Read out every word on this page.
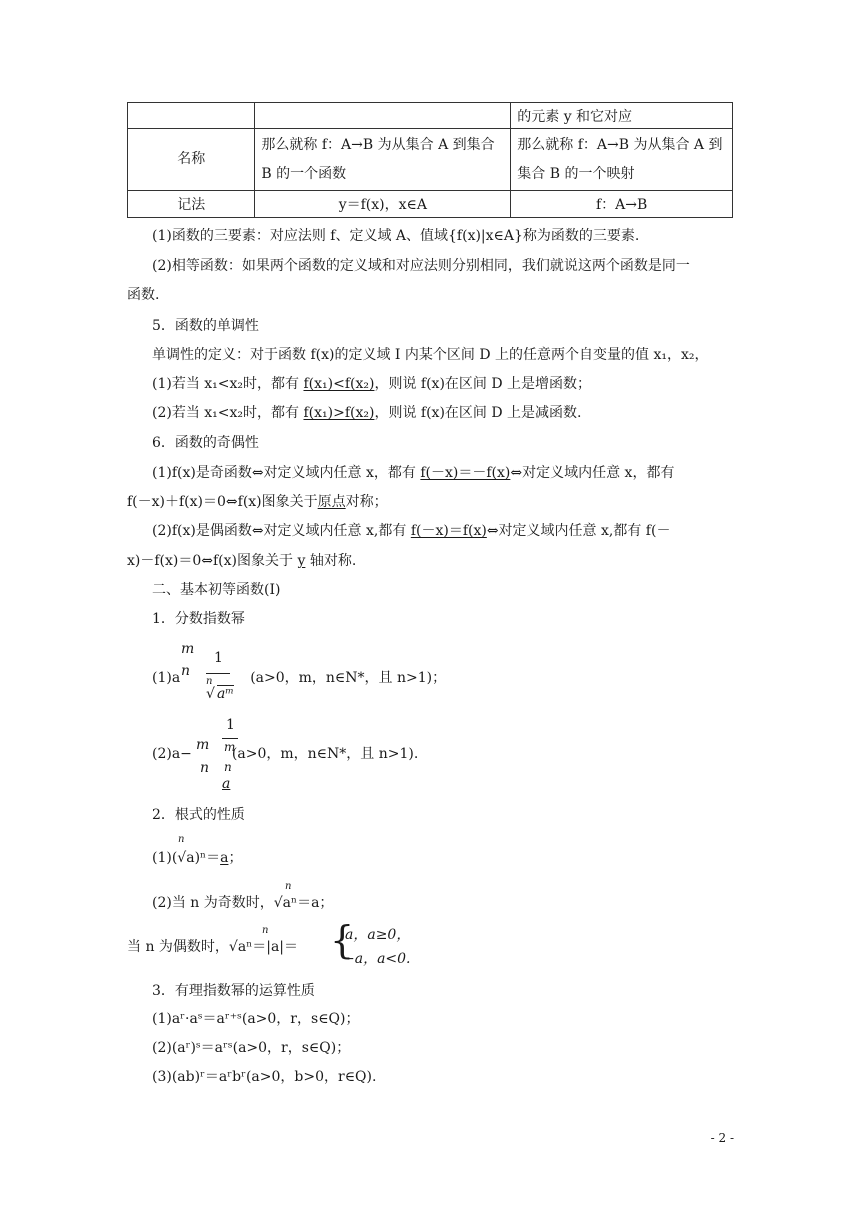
		的元素 y 和它对应
名称	那么就称 f：A→B 为从集合 A 到集合 B 的一个函数	那么就称 f：A→B 为从集合 A 到集合 B 的一个映射
记法	y＝f(x)，x∈A	f：A→B
(1)函数的三要素：对应法则 f、定义域 A、值域{f(x)|x∈A}称为函数的三要素.
(2)相等函数：如果两个函数的定义域和对应法则分别相同，我们就说这两个函数是同一
函数.
5．函数的单调性
单调性的定义：对于函数 f(x)的定义域 I 内某个区间 D 上的任意两个自变量的值 x₁，x₂，
(1)若当 x₁<x₂时，都有 f(x₁)<f(x₂)，则说 f(x)在区间 D 上是增函数；
(2)若当 x₁<x₂时，都有 f(x₁)>f(x₂)，则说 f(x)在区间 D 上是减函数.
6．函数的奇偶性
(1)f(x)是奇函数⇔对定义域内任意 x，都有 f(－x)＝－f(x)⇔对定义域内任意 x，都有
f(－x)＋f(x)＝0⇔f(x)图象关于原点对称；
(2)f(x)是偶函数⇔对定义域内任意 x,都有 f(－x)＝f(x)⇔对定义域内任意 x,都有 f(－
x)－f(x)＝0⇔f(x)图象关于 y 轴对称.
二、基本初等函数(Ⅰ)
1．分数指数幂
m
n
(1)a	(a>0，m，n∈N*，且 n>1)；
1
n
√ aᵐ
m
n
(2)a−	(a>0，m，n∈N*，且 n>1).
1
m
n
a
2．根式的性质
n
(1)(√a)ⁿ＝a；
n
(2)当 n 为奇数时，√aⁿ＝a；
n
当 n 为偶数时，√aⁿ＝|a|＝ {
a，a≥0，
−a，a<0.
3．有理指数幂的运算性质
(1)aʳ·aˢ＝aʳ⁺ˢ(a>0，r，s∈Q)；
(2)(aʳ)ˢ＝aʳˢ(a>0，r，s∈Q)；
(3)(ab)ʳ＝aʳbʳ(a>0，b>0，r∈Q).
- 2 -
